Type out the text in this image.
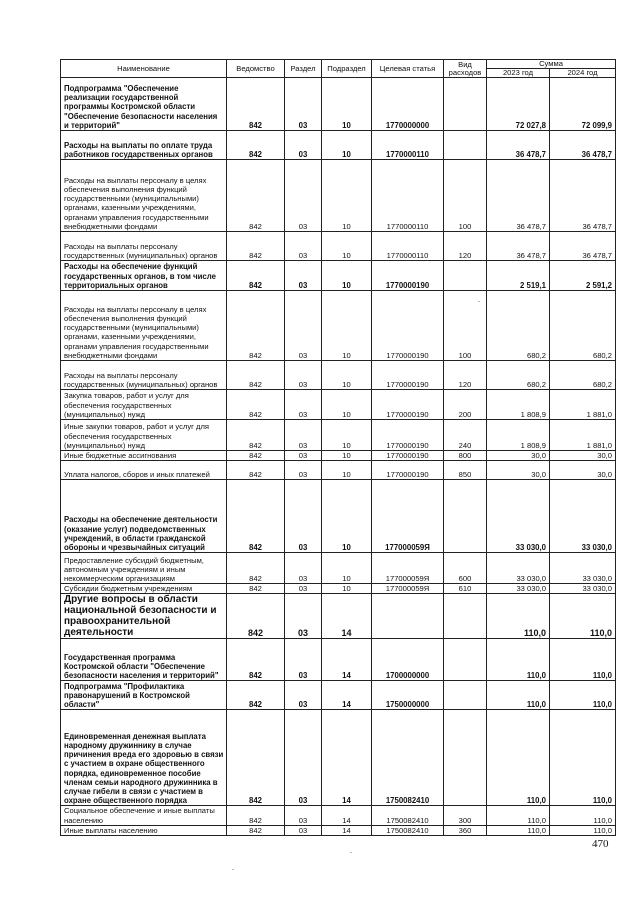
Наименование	Ведомство	Раздел	Подраздел	Целевая статья	Вид расходов	Сумма	
						2023 год	2024 год
Подпрограмма "Обеспечение реализации государственной программы Костромской области "Обеспечение безопасности населения и территорий"	842	03	10	1770000000		72 027,8	72 099,9
Расходы на выплаты по оплате труда работников государственных органов	842	03	10	1770000110		36 478,7	36 478,7
Расходы на выплаты персоналу в целях обеспечения выполнения функций государственными (муниципальными) органами, казенными учреждениями, органами управления государственными внебюджетными фондами	842	03	10	1770000110	100	36 478,7	36 478,7
Расходы на выплаты персоналу государственных (муниципальных) органов	842	03	10	1770000110	120	36 478,7	36 478,7
Расходы на обеспечение функций государственных органов, в том числе территориальных органов	842	03	10	1770000190		2 519,1	2 591,2
Расходы на выплаты персоналу в целях обеспечения выполнения функций государственными (муниципальными) органами, казенными учреждениями, органами управления государственными внебюджетными фондами	842	03	10	1770000190	100	680,2	680,2
Расходы на выплаты персоналу государственных (муниципальных) органов	842	03	10	1770000190	120	680,2	680,2
Закупка товаров, работ и услуг для обеспечения государственных (муниципальных) нужд	842	03	10	1770000190	200	1 808,9	1 881,0
Иные закупки товаров, работ и услуг для обеспечения государственных (муниципальных) нужд	842	03	10	1770000190	240	1 808,9	1 881,0
Иные бюджетные ассигнования	842	03	10	1770000190	800	30,0	30,0
Уплата налогов, сборов и иных платежей	842	03	10	1770000190	850	30,0	30,0
Расходы на обеспечение деятельности (оказание услуг) подведомственных учреждений, в области гражданской обороны и чрезвычайных ситуаций	842	03	10	177000059Я		33 030,0	33 030,0
Предоставление субсидий бюджетным, автономным учреждениям и иным некоммерческим организациям	842	03	10	177000059Я	600	33 030,0	33 030,0
Субсидии бюджетным учреждениям	842	03	10	177000059Я	610	33 030,0	33 030,0
Другие вопросы в области национальной безопасности и правоохранительной деятельности	842	03	14			110,0	110,0
Государственная программа Костромской области "Обеспечение безопасности населения и территорий"	842	03	14	1700000000		110,0	110,0
Подпрограмма "Профилактика правонарушений в Костромской области"	842	03	14	1750000000		110,0	110,0
Единовременная денежная выплата народному дружиннику в случае причинения вреда его здоровью в связи с участием в охране общественного порядка, единовременное пособие членам семьи народного дружинника в случае гибели в связи с участием в охране общественного порядка	842	03	14	1750082410		110,0	110,0
Социальное обеспечение и иные выплаты населению	842	03	14	1750082410	300	110,0	110,0
Иные выплаты населению	842	03	14	1750082410	360	110,0	110,0
470
